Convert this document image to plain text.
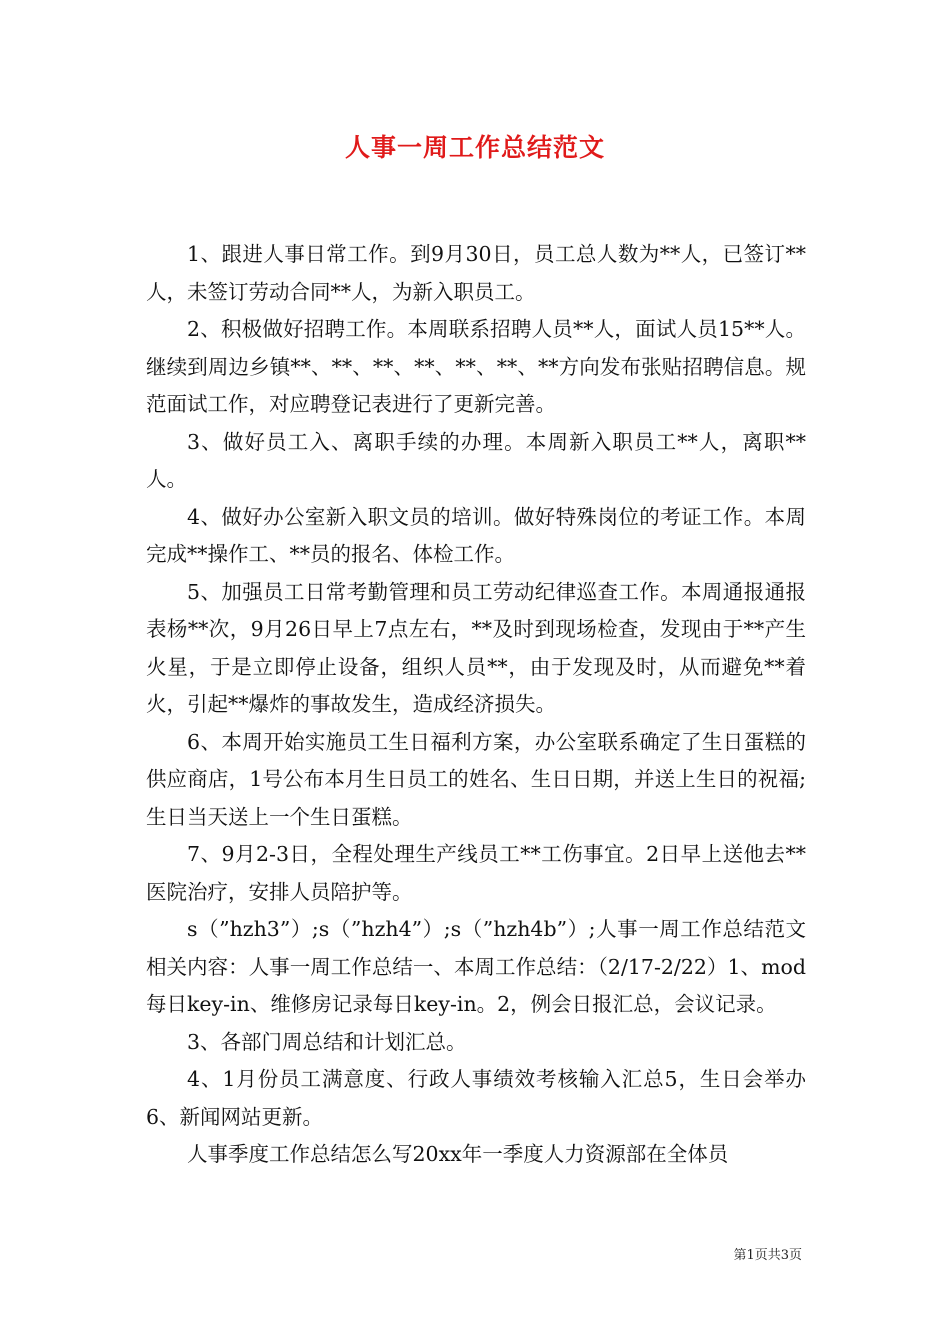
人事一周工作总结范文

1、跟进人事日常工作。到9月30日，员工总人数为**人，已签订**人，未签订劳动合同**人，为新入职员工。

2、积极做好招聘工作。本周联系招聘人员**人，面试人员15**人。继续到周边乡镇**、**、**、**、**、**、**方向发布张贴招聘信息。规范面试工作，对应聘登记表进行了更新完善。

3、做好员工入、离职手续的办理。本周新入职员工**人，离职**人。

4、做好办公室新入职文员的培训。做好特殊岗位的考证工作。本周完成**操作工、**员的报名、体检工作。

5、加强员工日常考勤管理和员工劳动纪律巡查工作。本周通报通报表杨**次，9月26日早上7点左右，**及时到现场检查，发现由于**产生火星，于是立即停止设备，组织人员**，由于发现及时，从而避免**着火，引起**爆炸的事故发生，造成经济损失。

6、本周开始实施员工生日福利方案，办公室联系确定了生日蛋糕的供应商店，1号公布本月生日员工的姓名、生日日期，并送上生日的祝福;生日当天送上一个生日蛋糕。

7、9月2-3日，全程处理生产线员工**工伤事宜。2日早上送他去**医院治疗，安排人员陪护等。

s（”hzh3”）;s（”hzh4”）;s（”hzh4b”）;人事一周工作总结范文相关内容：人事一周工作总结一、本周工作总结：（2/17-2/22）1、mod每日key-in、维修房记录每日key-in。2，例会日报汇总，会议记录。

3、各部门周总结和计划汇总。

4、1月份员工满意度、行政人事绩效考核输入汇总5，生日会举办6、新闻网站更新。

人事季度工作总结怎么写20xx年一季度人力资源部在全体员

第1页共3页
